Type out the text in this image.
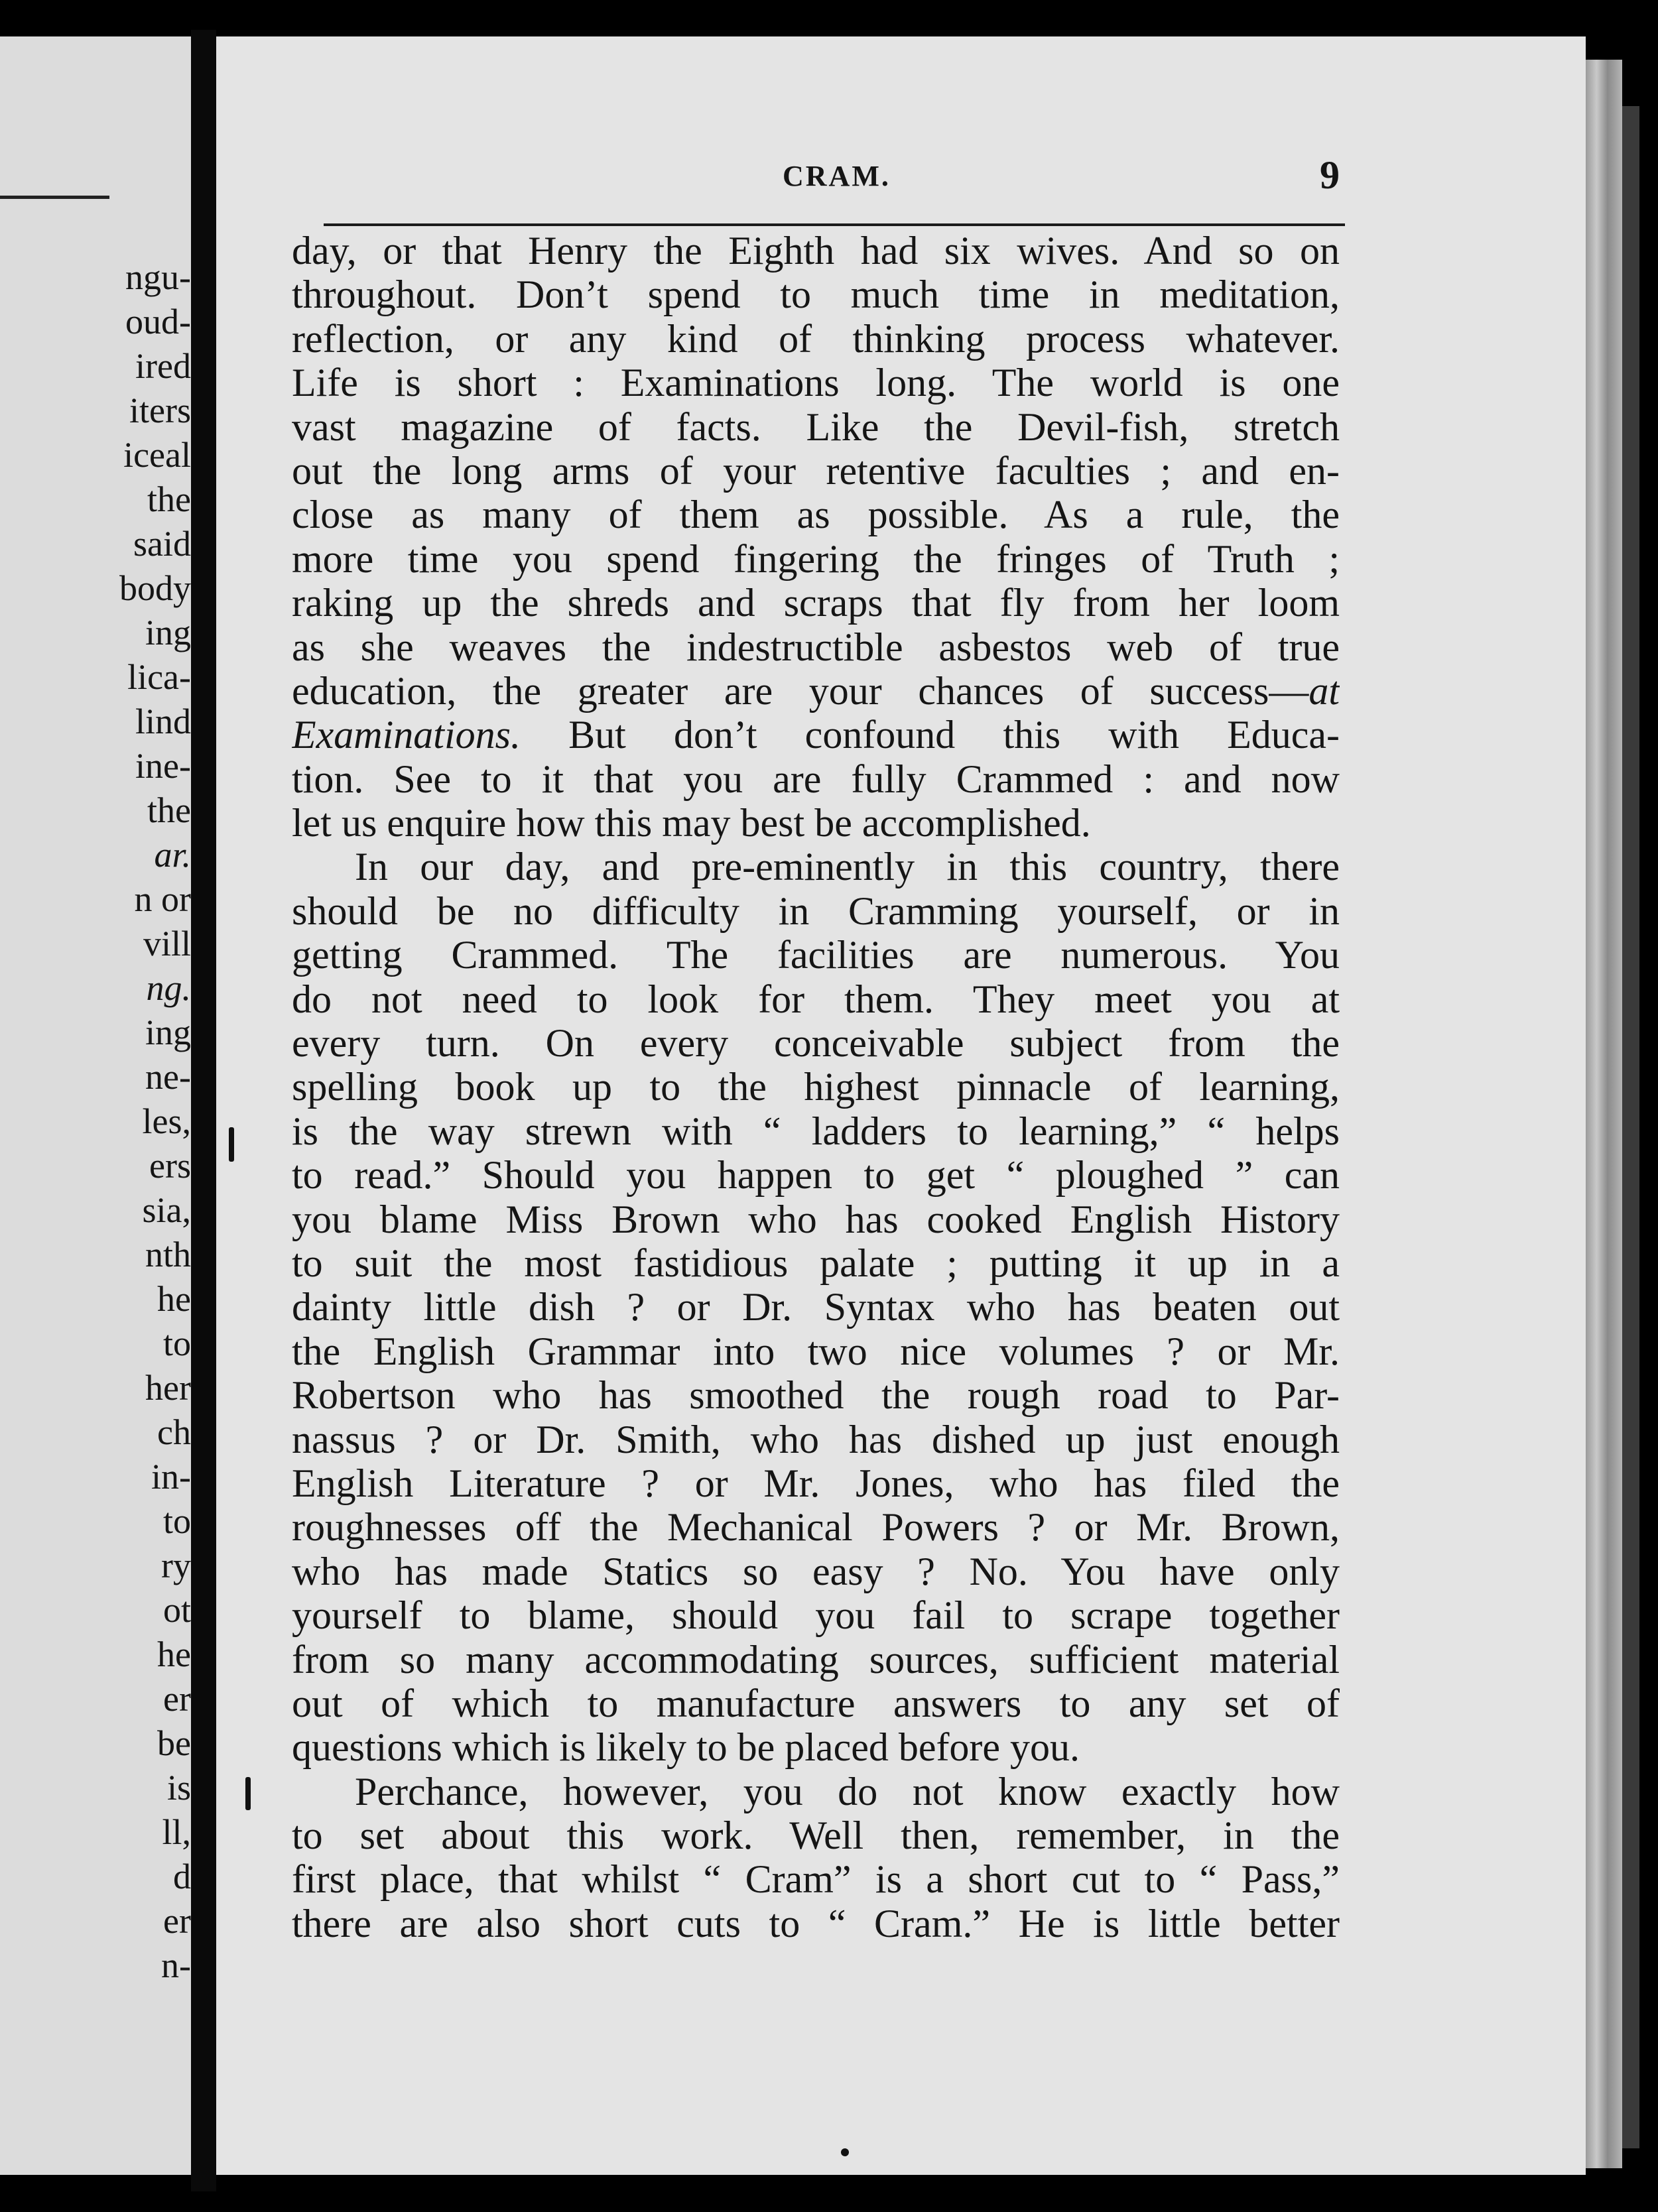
ngu-
oud-
ired
iters
iceal
the
said
body
ing
lica-
lind
ine-
the
ar.
n or
vill
ng.
ing
ne-
les,
ers
sia,
nth
he
to
her
ch
in-
to
ry
ot
he
er
be
is
ll,
d
er
n-
CRAM.	9
day, or that Henry the Eighth had six wives. And so on
throughout. Don’t spend to much time in meditation,
reflection, or any kind of thinking process whatever.
Life is short : Examinations long. The world is one
vast magazine of facts. Like the Devil-fish, stretch
out the long arms of your retentive faculties ; and en-
close as many of them as possible. As a rule, the
more time you spend fingering the fringes of Truth ;
raking up the shreds and scraps that fly from her loom
as she weaves the indestructible asbestos web of true
education, the greater are your chances of success—at
Examinations. But don’t confound this with Educa-
tion. See to it that you are fully Crammed : and now
let us enquire how this may best be accomplished.
In our day, and pre-eminently in this country, there
should be no difficulty in Cramming yourself, or in
getting Crammed. The facilities are numerous. You
do not need to look for them. They meet you at
every turn. On every conceivable subject from the
spelling book up to the highest pinnacle of learning,
is the way strewn with “ ladders to learning,” “ helps
to read.” Should you happen to get “ ploughed ” can
you blame Miss Brown who has cooked English History
to suit the most fastidious palate ; putting it up in a
dainty little dish ? or Dr. Syntax who has beaten out
the English Grammar into two nice volumes ? or Mr.
Robertson who has smoothed the rough road to Par-
nassus ? or Dr. Smith, who has dished up just enough
English Literature ? or Mr. Jones, who has filed the
roughnesses off the Mechanical Powers ? or Mr. Brown,
who has made Statics so easy ? No. You have only
yourself to blame, should you fail to scrape together
from so many accommodating sources, sufficient material
out of which to manufacture answers to any set of
questions which is likely to be placed before you.
Perchance, however, you do not know exactly how
to set about this work. Well then, remember, in the
first place, that whilst “ Cram” is a short cut to “ Pass,”
there are also short cuts to “ Cram.” He is little better
